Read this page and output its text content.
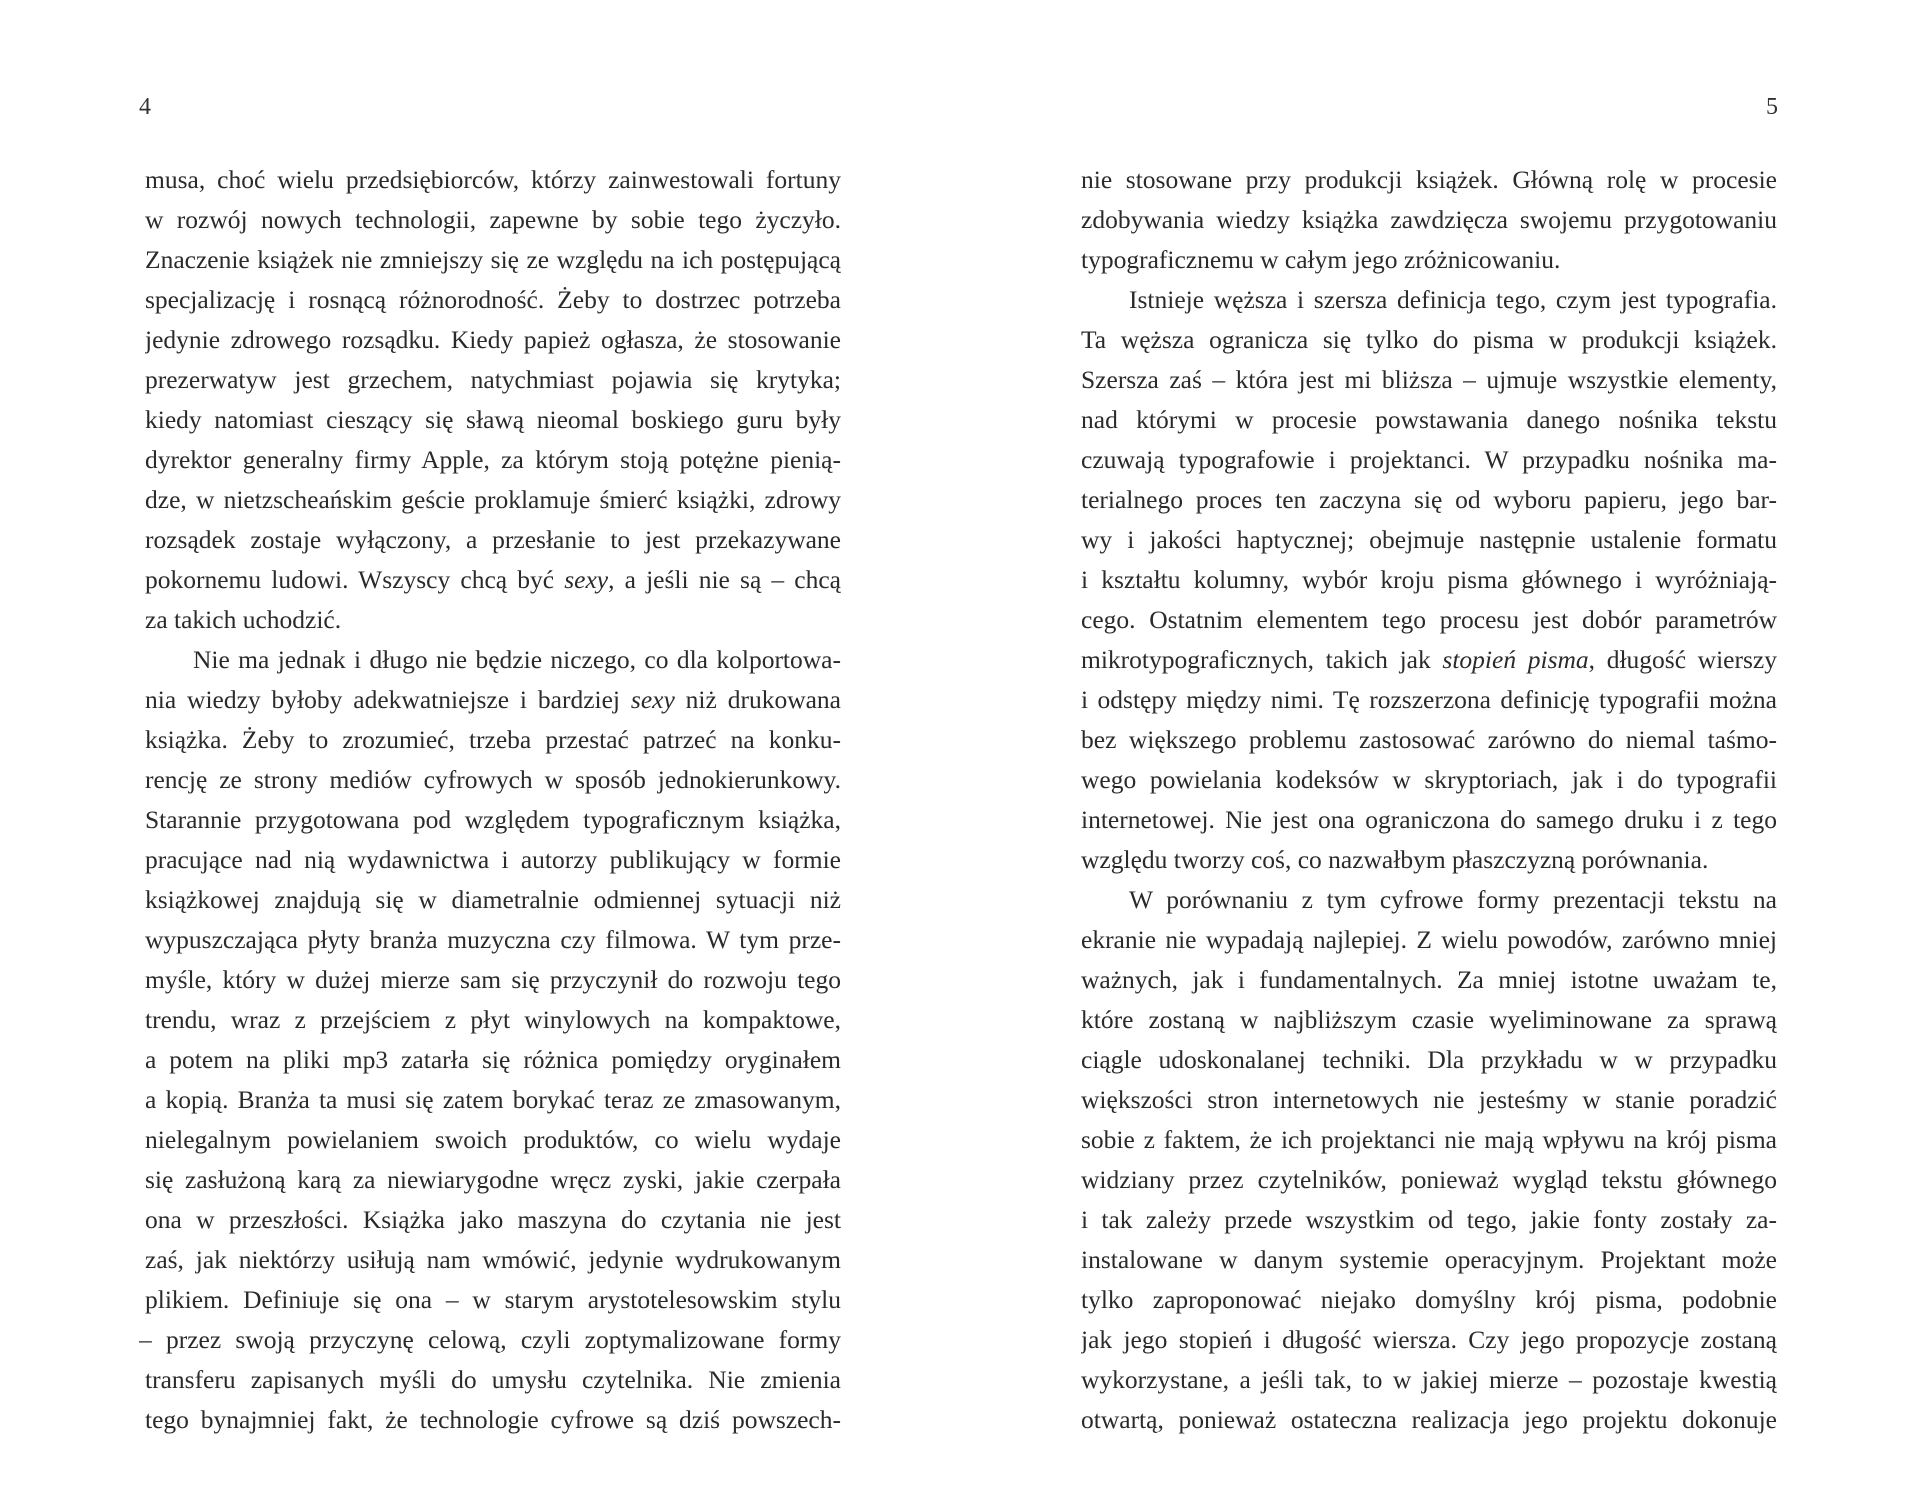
4
musa, choć wielu przedsiębiorców, którzy zainwestowali fortuny
w rozwój nowych technologii, zapewne by sobie tego życzyło.
Znaczenie książek nie zmniejszy się ze względu na ich postępującą
specjalizację i rosnącą różnorodność. Żeby to dostrzec potrzeba
jedynie zdrowego rozsądku. Kiedy papież ogłasza, że stosowanie
prezerwatyw jest grzechem, natychmiast pojawia się krytyka;
kiedy natomiast cieszący się sławą nieomal boskiego guru były
dyrektor generalny firmy Apple, za którym stoją potężne pienią-
dze, w nietzscheańskim geście proklamuje śmierć książki, zdrowy
rozsądek zostaje wyłączony, a przesłanie to jest przekazywane
pokornemu ludowi. Wszyscy chcą być sexy, a jeśli nie są – chcą
za takich uchodzić.
Nie ma jednak i długo nie będzie niczego, co dla kolportowa-
nia wiedzy byłoby adekwatniejsze i bardziej sexy niż drukowana
książka. Żeby to zrozumieć, trzeba przestać patrzeć na konku-
rencję ze strony mediów cyfrowych w sposób jednokierunkowy.
Starannie przygotowana pod względem typograficznym książka,
pracujące nad nią wydawnictwa i autorzy publikujący w formie
książkowej znajdują się w diametralnie odmiennej sytuacji niż
wypuszczająca płyty branża muzyczna czy filmowa. W tym prze-
myśle, który w dużej mierze sam się przyczynił do rozwoju tego
trendu, wraz z przejściem z płyt winylowych na kompaktowe,
a potem na pliki mp3 zatarła się różnica pomiędzy oryginałem
a kopią. Branża ta musi się zatem borykać teraz ze zmasowanym,
nielegalnym powielaniem swoich produktów, co wielu wydaje
się zasłużoną karą za niewiarygodne wręcz zyski, jakie czerpała
ona w przeszłości. Książka jako maszyna do czytania nie jest
zaś, jak niektórzy usiłują nam wmówić, jedynie wydrukowanym
plikiem. Definiuje się ona – w starym arystotelesowskim stylu
– przez swoją przyczynę celową, czyli zoptymalizowane formy
transferu zapisanych myśli do umysłu czytelnika. Nie zmienia
tego bynajmniej fakt, że technologie cyfrowe są dziś powszech-
5
nie stosowane przy produkcji książek. Główną rolę w procesie
zdobywania wiedzy książka zawdzięcza swojemu przygotowaniu
typograficznemu w całym jego zróżnicowaniu.
Istnieje węższa i szersza definicja tego, czym jest typografia.
Ta węższa ogranicza się tylko do pisma w produkcji książek.
Szersza zaś – która jest mi bliższa – ujmuje wszystkie elementy,
nad którymi w procesie powstawania danego nośnika tekstu
czuwają typografowie i projektanci. W przypadku nośnika ma-
terialnego proces ten zaczyna się od wyboru papieru, jego bar-
wy i jakości haptycznej; obejmuje następnie ustalenie formatu
i kształtu kolumny, wybór kroju pisma głównego i wyróżniają-
cego. Ostatnim elementem tego procesu jest dobór parametrów
mikrotypograficznych, takich jak stopień pisma, długość wierszy
i odstępy między nimi. Tę rozszerzona definicję typografii można
bez większego problemu zastosować zarówno do niemal taśmo-
wego powielania kodeksów w skryptoriach, jak i do typografii
internetowej. Nie jest ona ograniczona do samego druku i z tego
względu tworzy coś, co nazwałbym płaszczyzną porównania.
W porównaniu z tym cyfrowe formy prezentacji tekstu na
ekranie nie wypadają najlepiej. Z wielu powodów, zarówno mniej
ważnych, jak i fundamentalnych. Za mniej istotne uważam te,
które zostaną w najbliższym czasie wyeliminowane za sprawą
ciągle udoskonalanej techniki. Dla przykładu w w przypadku
większości stron internetowych nie jesteśmy w stanie poradzić
sobie z faktem, że ich projektanci nie mają wpływu na krój pisma
widziany przez czytelników, ponieważ wygląd tekstu głównego
i tak zależy przede wszystkim od tego, jakie fonty zostały za-
instalowane w danym systemie operacyjnym. Projektant może
tylko zaproponować niejako domyślny krój pisma, podobnie
jak jego stopień i długość wiersza. Czy jego propozycje zostaną
wykorzystane, a jeśli tak, to w jakiej mierze – pozostaje kwestią
otwartą, ponieważ ostateczna realizacja jego projektu dokonuje
